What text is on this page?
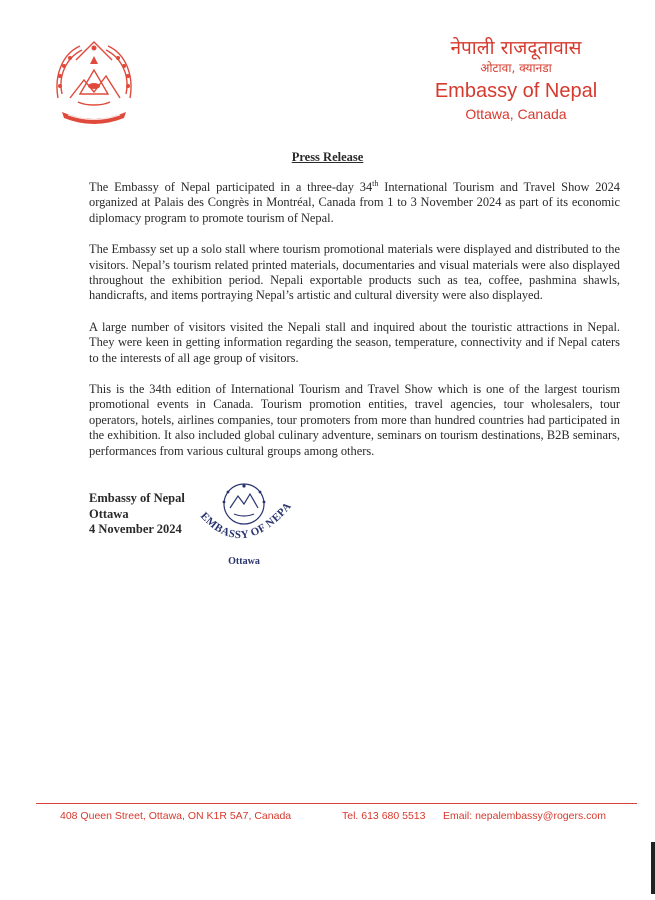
नेपाली राजदूतावास
ओटावा, क्यानडा
Embassy of Nepal
Ottawa, Canada
Press Release

The Embassy of Nepal participated in a three-day 34th International Tourism and Travel Show 2024 organized at Palais des Congrès in Montréal, Canada from 1 to 3 November 2024 as part of its economic diplomacy program to promote tourism of Nepal.

The Embassy set up a solo stall where tourism promotional materials were displayed and distributed to the visitors. Nepal’s tourism related printed materials, documentaries and visual materials were also displayed throughout the exhibition period. Nepali exportable products such as tea, coffee, pashmina shawls, handicrafts, and items portraying Nepal’s artistic and cultural diversity were also displayed.

A large number of visitors visited the Nepali stall and inquired about the touristic attractions in Nepal. They were keen in getting information regarding the season, temperature, connectivity and if Nepal caters to the interests of all age group of visitors.

This is the 34th edition of International Tourism and Travel Show which is one of the largest tourism promotional events in Canada. Tourism promotion entities, travel agencies, tour wholesalers, tour operators, hotels, airlines companies, tour promoters from more than hundred countries had participated in the exhibition. It also included global culinary adventure, seminars on tourism destinations, B2B seminars, performances from various cultural groups among others.

Embassy of Nepal
Ottawa
4 November 2024
EMBASSY OF NEPA
Ottawa
408 Queen Street, Ottawa, ON K1R 5A7, Canada	Tel. 613 680 5513 Email: nepalembassy@rogers.com
